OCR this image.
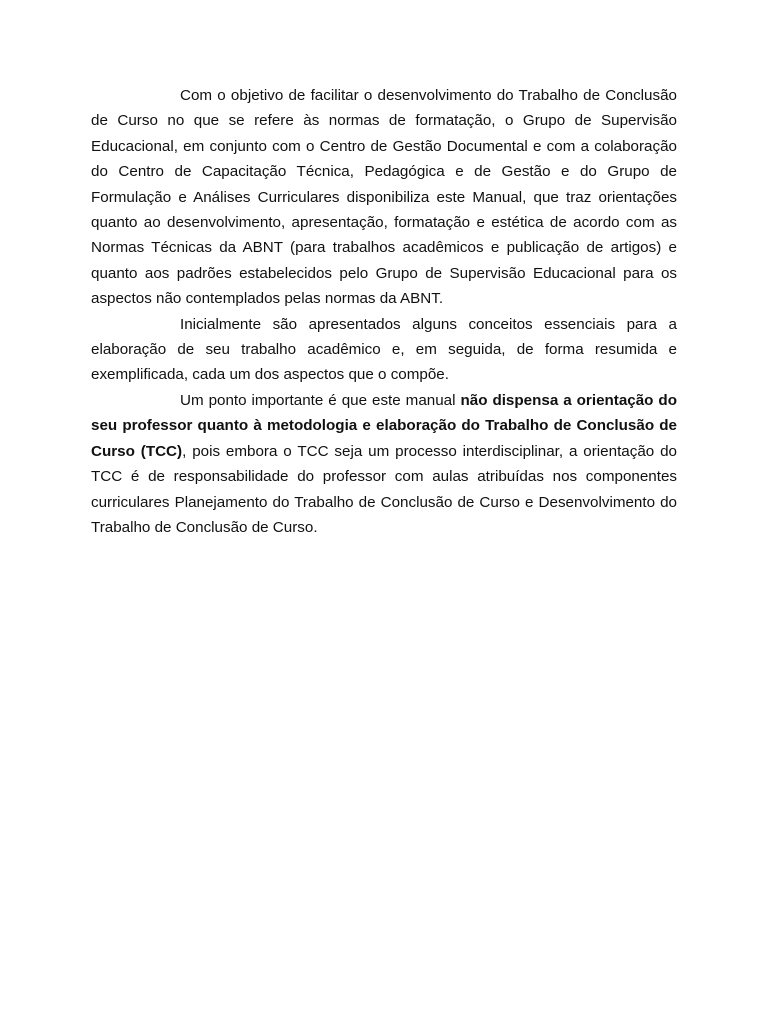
Com o objetivo de facilitar o desenvolvimento do Trabalho de Conclusão de Curso no que se refere às normas de formatação, o Grupo de Supervisão Educacional, em conjunto com o Centro de Gestão Documental e com a colaboração do Centro de Capacitação Técnica, Pedagógica e de Gestão e do Grupo de Formulação e Análises Curriculares disponibiliza este Manual, que traz orientações quanto ao desenvolvimento, apresentação, formatação e estética de acordo com as Normas Técnicas da ABNT (para trabalhos acadêmicos e publicação de artigos) e quanto aos padrões estabelecidos pelo Grupo de Supervisão Educacional para os aspectos não contemplados pelas normas da ABNT.

Inicialmente são apresentados alguns conceitos essenciais para a elaboração de seu trabalho acadêmico e, em seguida, de forma resumida e exemplificada, cada um dos aspectos que o compõe.

Um ponto importante é que este manual não dispensa a orientação do seu professor quanto à metodologia e elaboração do Trabalho de Conclusão de Curso (TCC), pois embora o TCC seja um processo interdisciplinar, a orientação do TCC é de responsabilidade do professor com aulas atribuídas nos componentes curriculares Planejamento do Trabalho de Conclusão de Curso e Desenvolvimento do Trabalho de Conclusão de Curso.
